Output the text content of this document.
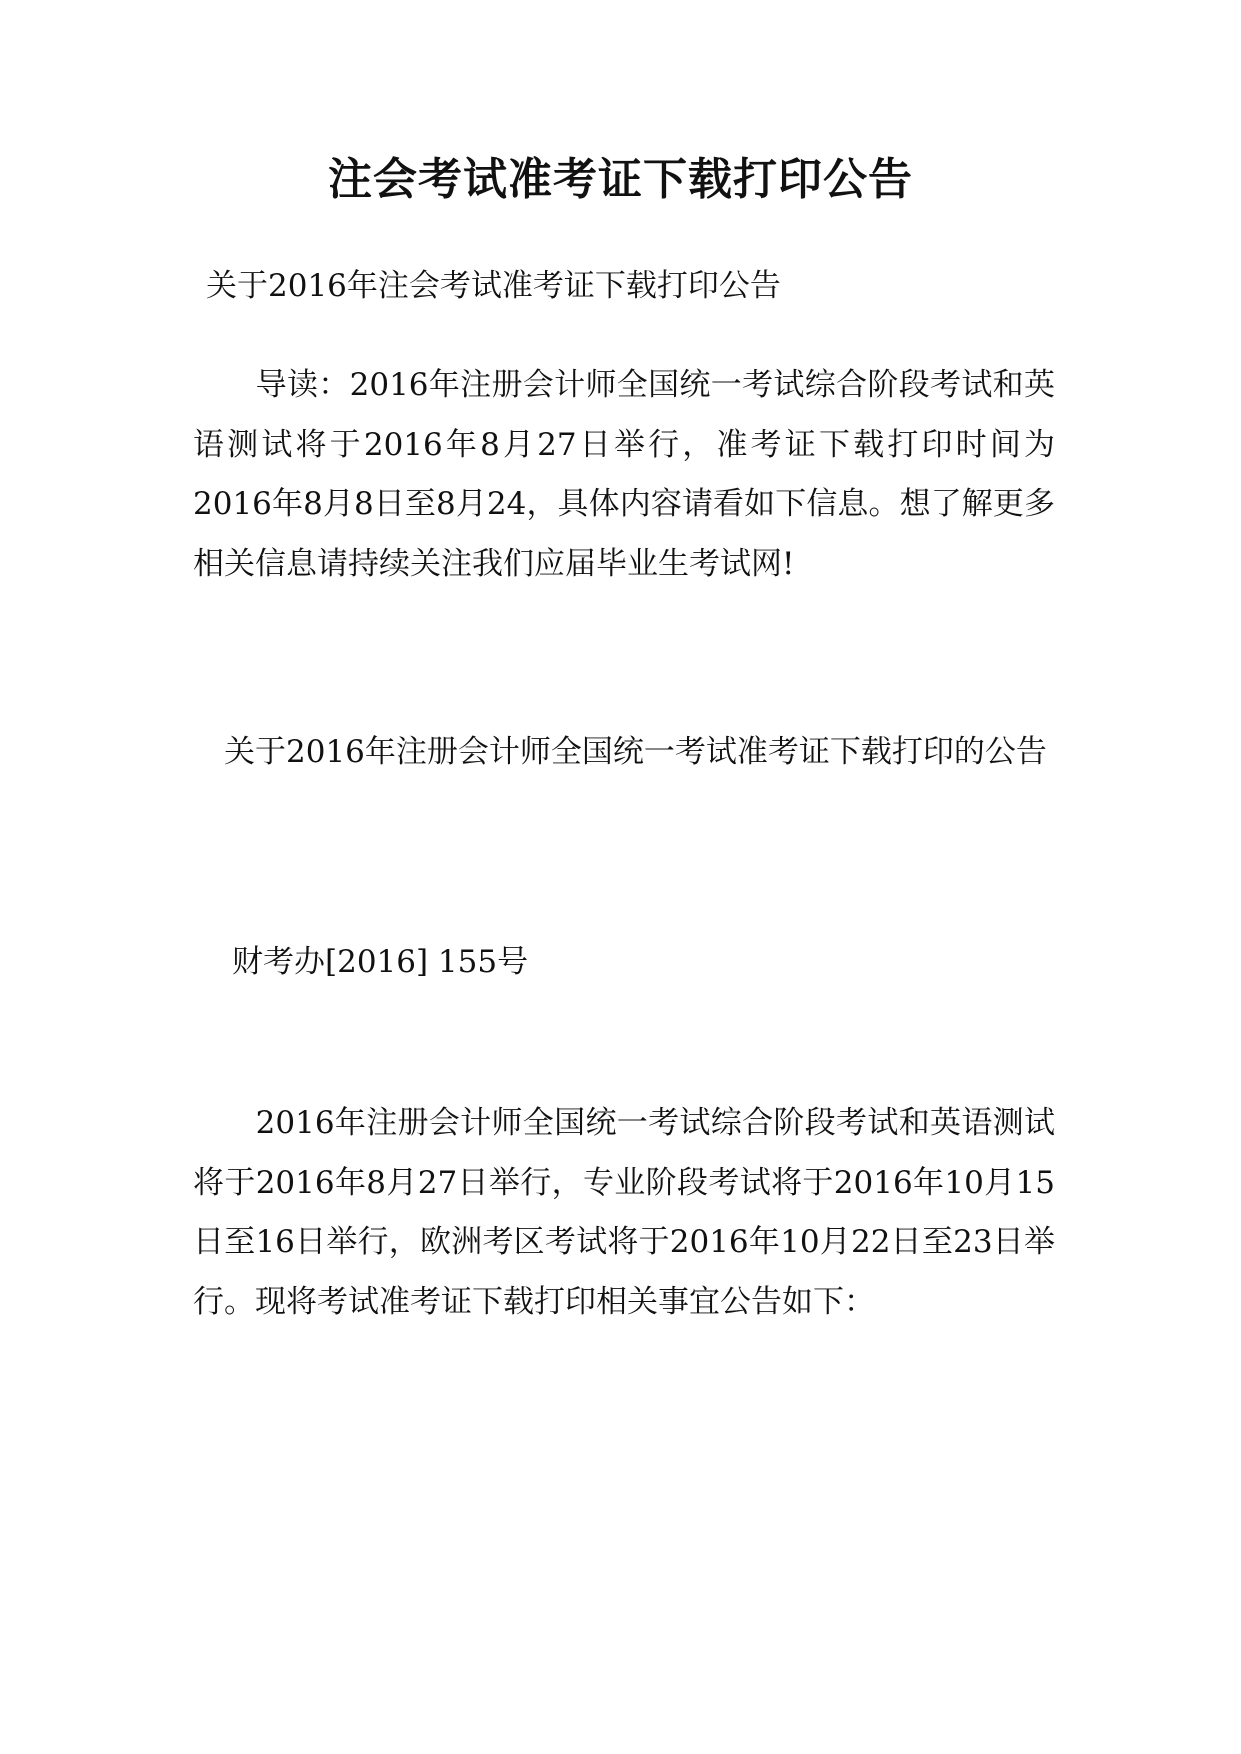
注会考试准考证下载打印公告
关于2016年注会考试准考证下载打印公告
　　导读：2016年注册会计师全国统一考试综合阶段考试和英语测试将于2016年8月27日举行，准考证下载打印时间为2016年8月8日至8月24，具体内容请看如下信息。想了解更多相关信息请持续关注我们应届毕业生考试网!
　关于2016年注册会计师全国统一考试准考证下载打印的公告
财考办[2016] 155号
　　2016年注册会计师全国统一考试综合阶段考试和英语测试将于2016年8月27日举行，专业阶段考试将于2016年10月15日至16日举行，欧洲考区考试将于2016年10月22日至23日举行。现将考试准考证下载打印相关事宜公告如下：
